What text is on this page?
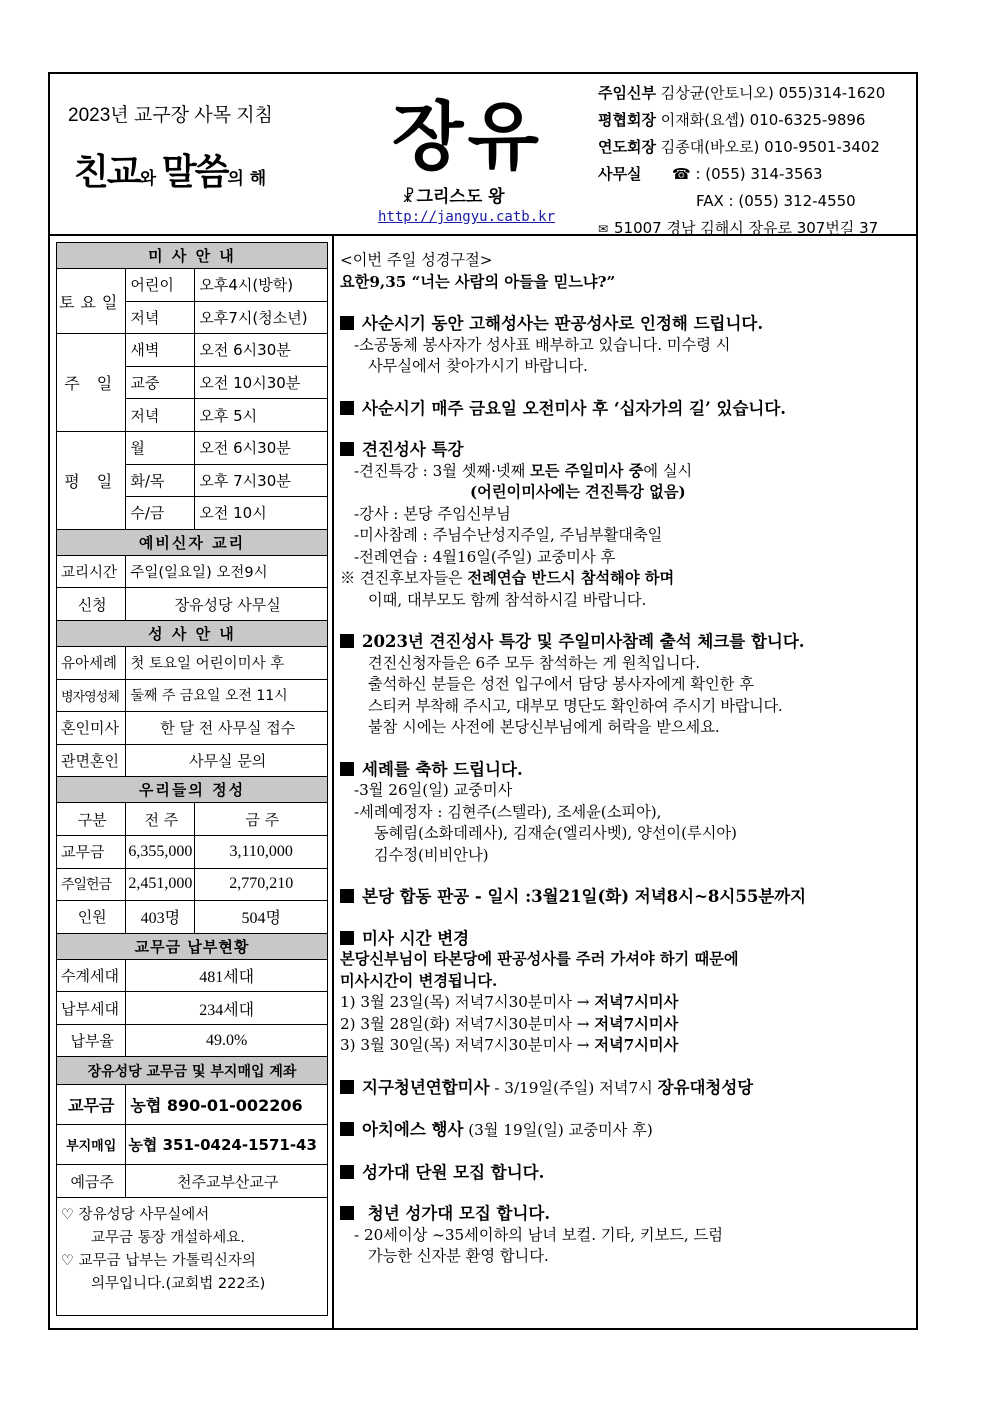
2023년 교구장 사목 지침
친교와 말씀의 해 장유
☧ 그리스도 왕
http://jangyu.catb.kr
주임신부 김상균(안토니오) 055)314-1620
평협회장 이재화(요셉) 010-6325-9896
연도회장 김종대(바오로) 010-9501-3402
사무실 ☎ : (055) 314-3563
FAX : (055) 312-4550
✉ 51007 경남 김해시 장유로 307번길 37
미 사 안 내		
토요일	어린이	오후4시(방학)
	저녁	오후7시(청소년)
주 일	새벽	오전 6시30분
	교중	오전 10시30분
	저녁	오후 5시
평 일	월	오전 6시30분
	화/목	오후 7시30분
	수/금	오전 10시
예비신자 교리		
교리시간	주일(일요일) 오전9시	
신청	장유성당 사무실	
성 사 안 내		
유아세례	첫 토요일 어린이미사 후	
병자영성체	둘째 주 금요일 오전 11시	
혼인미사	한 달 전 사무실 접수	
관면혼인	사무실 문의	
우리들의 정성		
구분	전 주	금 주
교무금	6,355,000	3,110,000
주일헌금	2,451,000	2,770,210
인원	403명	504명
교무금 납부현황		
수계세대	481세대	
납부세대	234세대	
납부율	49.0%	
장유성당 교무금 및 부지매입 계좌		
교무금	농협 890-01-002206	
부지매입	농협 351-0424-1571-43	
예금주	천주교부산교구	
♡ 장유성당 사무실에서
교무금 통장 개설하세요.
♡ 교무금 납부는 가톨릭신자의
의무입니다.(교회법 222조)
<이번 주일 성경구절>
요한9,35 “너는 사람의 아들을 믿느냐?”
사순시기 동안 고해성사는 판공성사로 인정해 드립니다.
-소공동체 봉사자가 성사표 배부하고 있습니다. 미수령 시
사무실에서 찾아가시기 바랍니다.
사순시기 매주 금요일 오전미사 후 ‘십자가의 길’ 있습니다.
견진성사 특강
-견진특강 : 3월 셋째·넷째 모든 주일미사 중에 실시
(어린이미사에는 견진특강 없음)
-강사 : 본당 주임신부님
-미사참례 : 주님수난성지주일, 주님부활대축일
-전례연습 : 4월16일(주일) 교중미사 후
※ 견진후보자들은 전례연습 반드시 참석해야 하며
이때, 대부모도 함께 참석하시길 바랍니다.
2023년 견진성사 특강 및 주일미사참례 출석 체크를 합니다.
견진신청자들은 6주 모두 참석하는 게 원칙입니다.
출석하신 분들은 성전 입구에서 담당 봉사자에게 확인한 후
스티커 부착해 주시고, 대부모 명단도 확인하여 주시기 바랍니다.
불참 시에는 사전에 본당신부님에게 허락을 받으세요.
세례를 축하 드립니다.
-3월 26일(일) 교중미사
-세례예정자 : 김현주(스텔라), 조세윤(소피아),
동혜림(소화데레사), 김재순(엘리사벳), 양선이(루시아)
김수정(비비안나)
본당 합동 판공 - 일시 :3월21일(화) 저녁8시~8시55분까지
미사 시간 변경
본당신부님이 타본당에 판공성사를 주러 가셔야 하기 때문에
미사시간이 변경됩니다.
1) 3월 23일(목) 저녁7시30분미사 → 저녁7시미사
2) 3월 28일(화) 저녁7시30분미사 → 저녁7시미사
3) 3월 30일(목) 저녁7시30분미사 → 저녁7시미사
지구청년연합미사 - 3/19일(주일) 저녁7시 장유대청성당
아치에스 행사 (3월 19일(일) 교중미사 후)
성가대 단원 모집 합니다.
청년 성가대 모집 합니다.
- 20세이상 ~35세이하의 남녀 보컬. 기타, 키보드, 드럼
가능한 신자분 환영 합니다.
